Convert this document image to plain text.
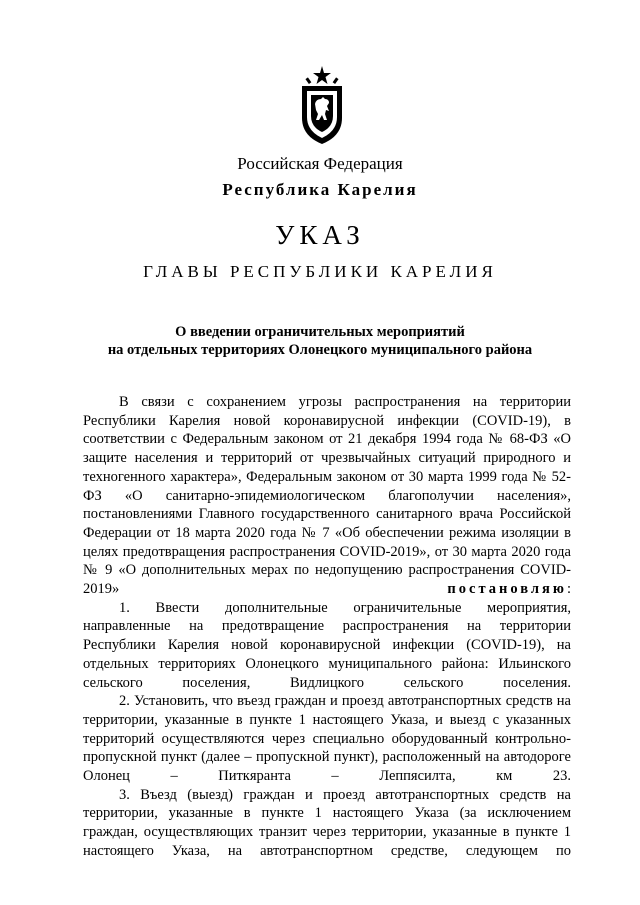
Российская Федерация
Республика Карелия
УКАЗ
ГЛАВЫ РЕСПУБЛИКИ КАРЕЛИЯ
О введении ограничительных мероприятий
на отдельных территориях Олонецкого муниципального района

В связи с сохранением угрозы распространения на территории Республики Карелия новой коронавирусной инфекции (COVID-19), в соответствии с Федеральным законом от 21 декабря 1994 года № 68-ФЗ «О защите населения и территорий от чрезвычайных ситуаций природного и техногенного характера», Федеральным законом от 30 марта 1999 года № 52-ФЗ «О санитарно-эпидемиологическом благополучии населения», постановлениями Главного государственного санитарного врача Российской Федерации от 18 марта 2020 года № 7 «Об обеспечении режима изоляции в целях предотвращения распространения COVID-2019», от 30 марта 2020 года № 9 «О дополнительных мерах по недопущению распространения COVID-2019»	постановляю:

1. Ввести дополнительные ограничительные мероприятия, направленные на предотвращение распространения на территории Республики Карелия новой коронавирусной инфекции (COVID-19), на отдельных территориях Олонецкого муниципального района: Ильинского сельского поселения, Видлицкого сельского поселения.

2. Установить, что въезд граждан и проезд автотранспортных средств на территории, указанные в пункте 1 настоящего Указа, и выезд с указанных территорий осуществляются через специально оборудованный контрольно-пропускной пункт (далее – пропускной пункт), расположенный на автодороге Олонец – Питкяранта – Леппясилта, км 23.

3. Въезд (выезд) граждан и проезд автотранспортных средств на территории, указанные в пункте 1 настоящего Указа (за исключением граждан, осуществляющих транзит через территории, указанные в пункте 1 настоящего Указа, на автотранспортном средстве, следующем по
